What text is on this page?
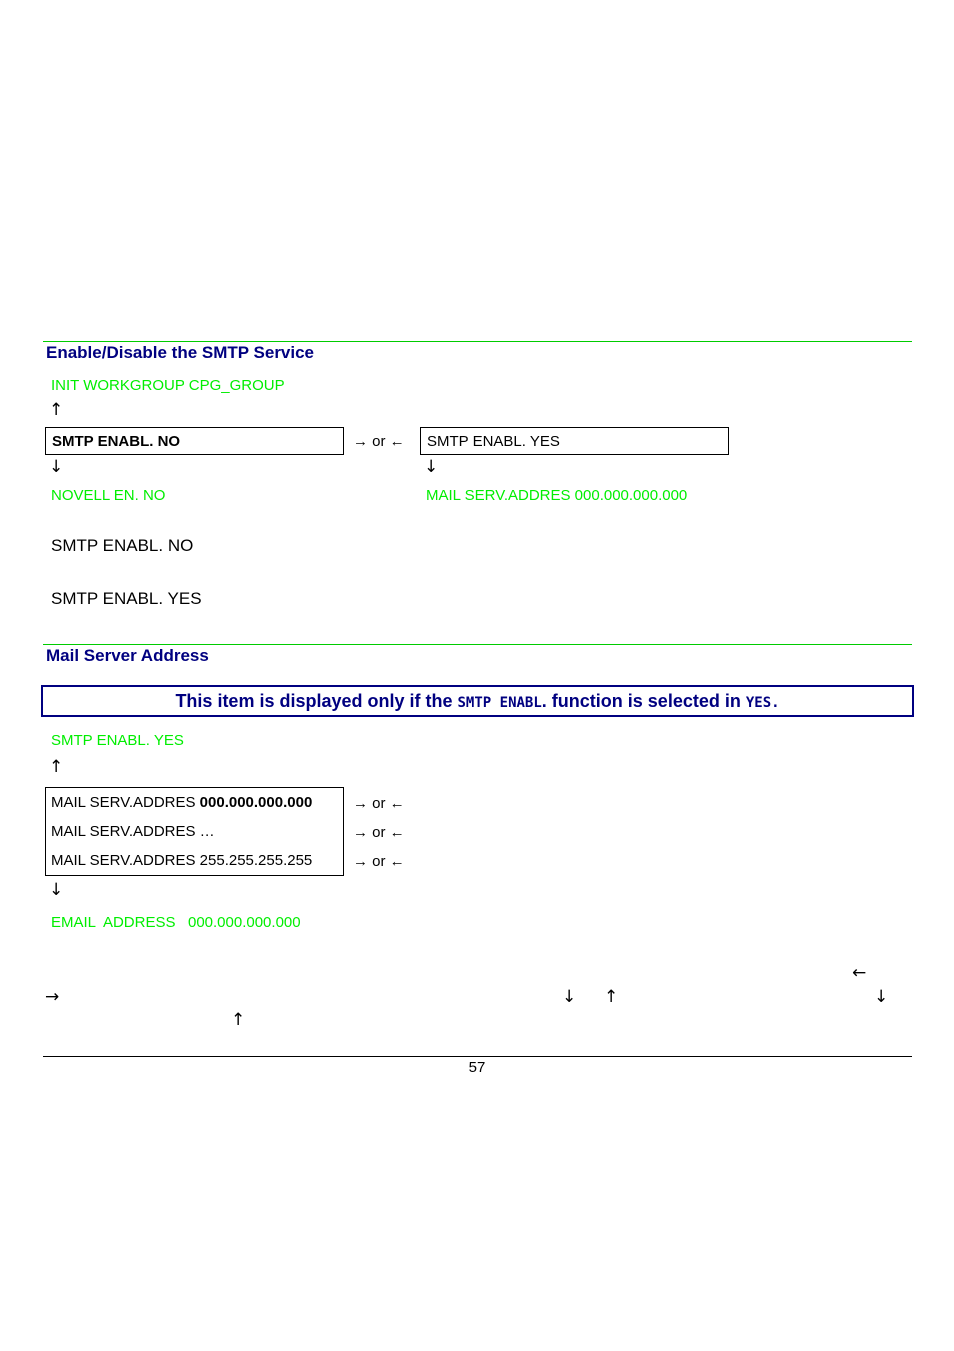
Enable/Disable the SMTP Service
INIT WORKGROUP CPG_GROUP
↑
SMTP ENABL. NO	→ or ←	SMTP ENABL. YES
↓	↓
NOVELL EN. NO	MAIL SERV.ADDRES 000.000.000.000
SMTP ENABL. NO
SMTP ENABL. YES
Mail Server Address
This item is displayed only if the SMTP ENABL. function is selected in YES.
SMTP ENABL. YES
↑
MAIL SERV.ADDRES 000.000.000.000
MAIL SERV.ADDRES …
MAIL SERV.ADDRES 255.255.255.255
→ or ←
→ or ←
→ or ←
↓
EMAIL  ADDRESS   000.000.000.000
←
→	↓ ↑	↓
↑
57
